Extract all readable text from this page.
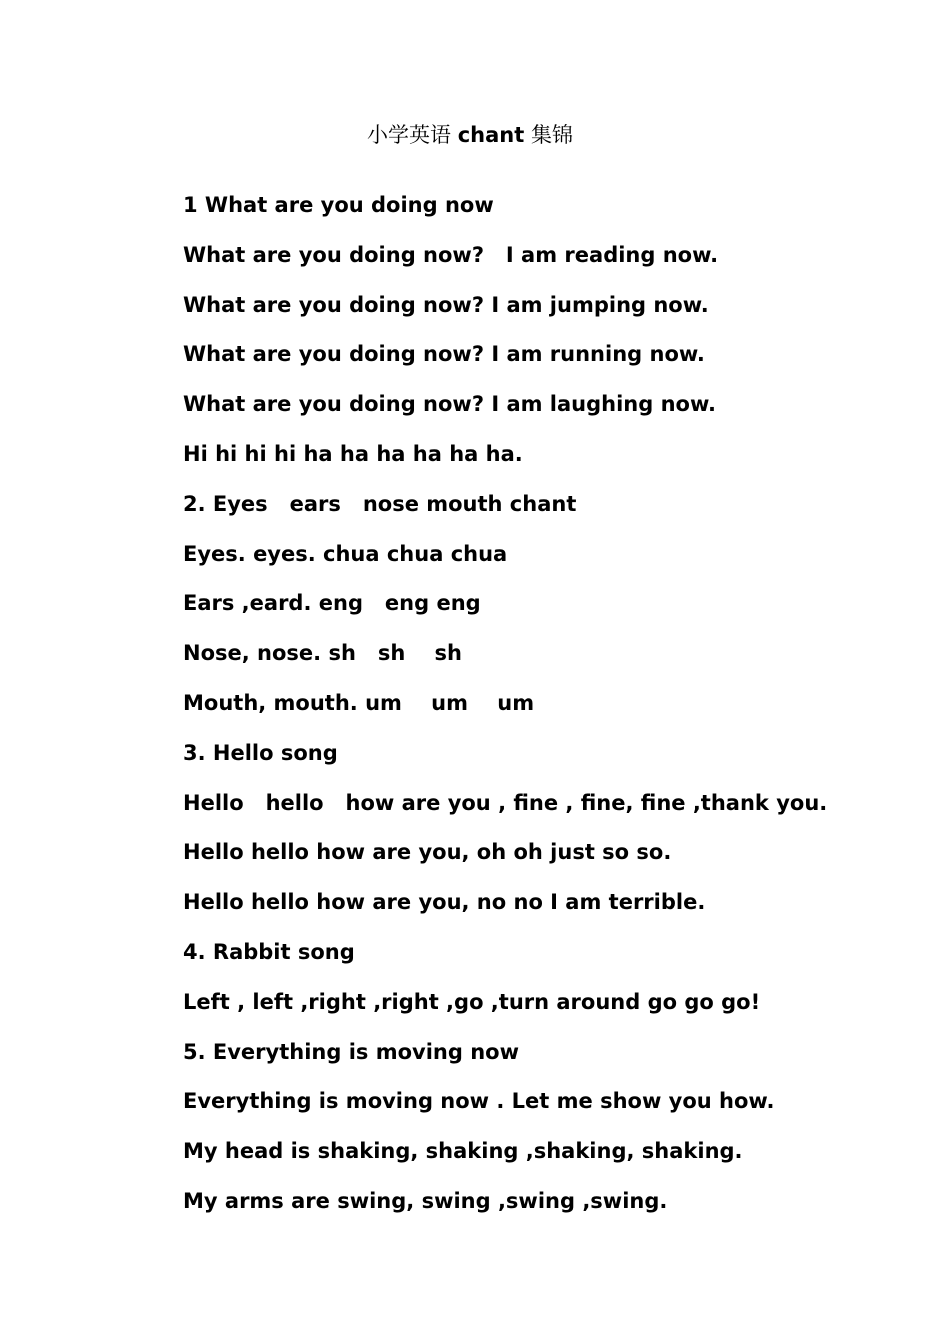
小学英语 chant 集锦
1 What are you doing now
What are you doing now?   I am reading now.
What are you doing now? I am jumping now.
What are you doing now? I am running now.
What are you doing now? I am laughing now.
Hi hi hi hi ha ha ha ha ha ha.
2. Eyes   ears   nose mouth chant
Eyes. eyes. chua chua chua
Ears ,eard. eng   eng eng
Nose, nose. sh   sh    sh
Mouth, mouth. um    um    um
3. Hello song
Hello   hello   how are you , fine , fine, fine ,thank you.
Hello hello how are you, oh oh just so so.
Hello hello how are you, no no I am terrible.
4. Rabbit song
Left , left ,right ,right ,go ,turn around go go go!
5. Everything is moving now
Everything is moving now . Let me show you how.
My head is shaking, shaking ,shaking, shaking.
My arms are swing, swing ,swing ,swing.
